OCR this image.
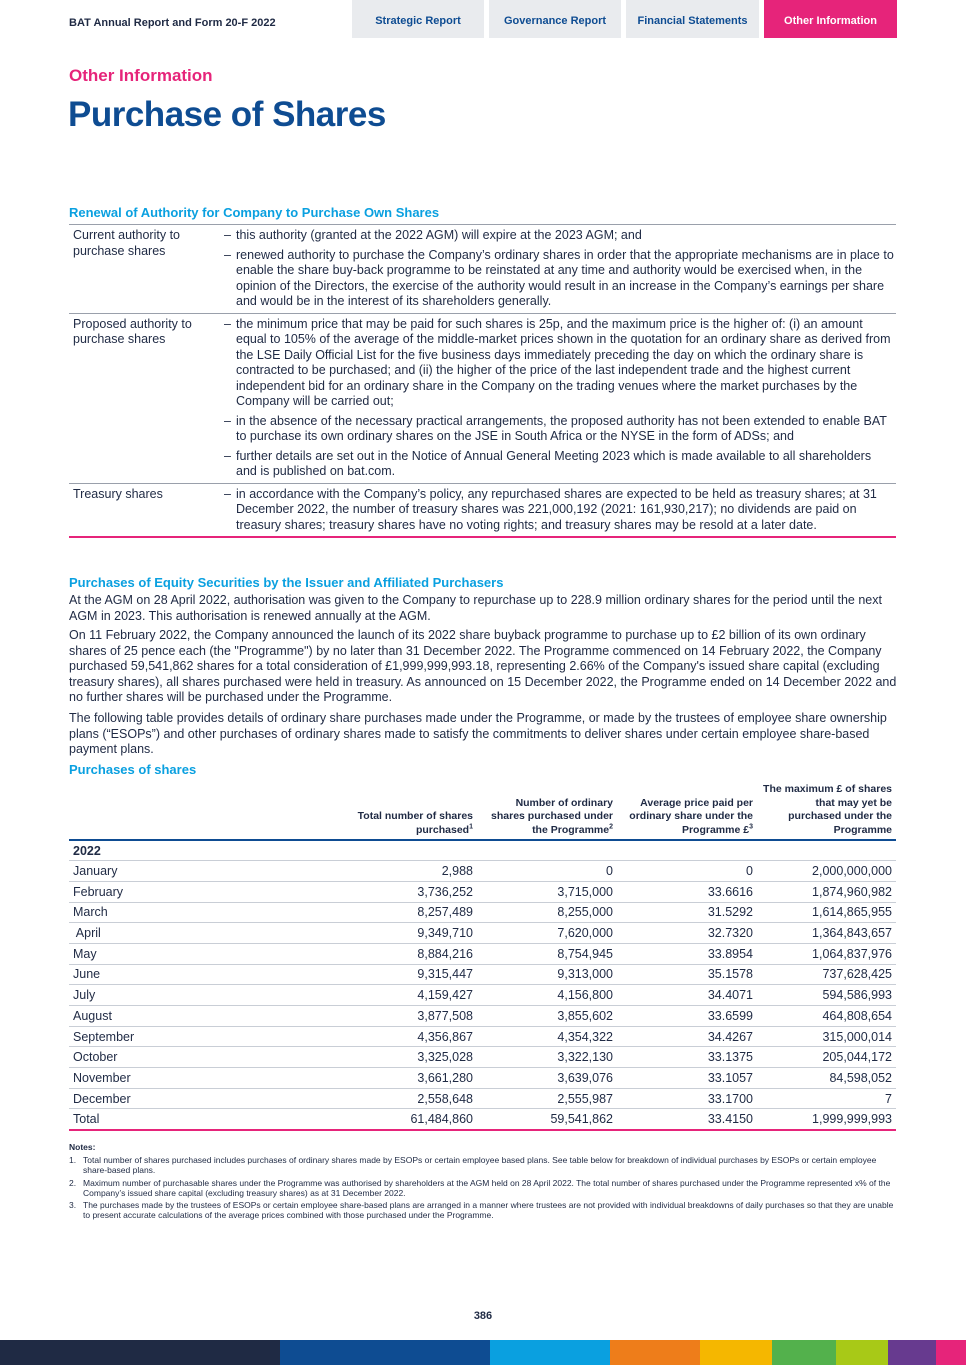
BAT Annual Report and Form 20-F 2022	Strategic Report	Governance Report	Financial Statements	Other Information
Other Information
Purchase of Shares
Renewal of Authority for Company to Purchase Own Shares
Current authority to purchase shares
– this authority (granted at the 2022 AGM) will expire at the 2023 AGM; and
– renewed authority to purchase the Company’s ordinary shares in order that the appropriate mechanisms are in place to enable the share buy-back programme to be reinstated at any time and authority would be exercised when, in the opinion of the Directors, the exercise of the authority would result in an increase in the Company’s earnings per share and would be in the interest of its shareholders generally.
Proposed authority to purchase shares
– the minimum price that may be paid for such shares is 25p, and the maximum price is the higher of: (i) an amount equal to 105% of the average of the middle-market prices shown in the quotation for an ordinary share as derived from the LSE Daily Official List for the five business days immediately preceding the day on which the ordinary share is contracted to be purchased; and (ii) the higher of the price of the last independent trade and the highest current independent bid for an ordinary share in the Company on the trading venues where the market purchases by the Company will be carried out;
– in the absence of the necessary practical arrangements, the proposed authority has not been extended to enable BAT to purchase its own ordinary shares on the JSE in South Africa or the NYSE in the form of ADSs; and
– further details are set out in the Notice of Annual General Meeting 2023 which is made available to all shareholders and is published on bat.com.
Treasury shares	– in accordance with the Company’s policy, any repurchased shares are expected to be held as treasury shares; at 31 December 2022, the number of treasury shares was 221,000,192 (2021: 161,930,217); no dividends are paid on treasury shares; treasury shares have no voting rights; and treasury shares may be resold at a later date.
Purchases of Equity Securities by the Issuer and Affiliated Purchasers
At the AGM on 28 April 2022, authorisation was given to the Company to repurchase up to 228.9 million ordinary shares for the period until the next AGM in 2023. This authorisation is renewed annually at the AGM.
On 11 February 2022, the Company announced the launch of its 2022 share buyback programme to purchase up to £2 billion of its own ordinary shares of 25 pence each (the "Programme") by no later than 31 December 2022. The Programme commenced on 14 February 2022, the Company purchased 59,541,862 shares for a total consideration of £1,999,999,993.18, representing 2.66% of the Company's issued share capital (excluding treasury shares), all shares purchased were held in treasury. As announced on 15 December 2022, the Programme ended on 14 December 2022 and no further shares will be purchased under the Programme.
The following table provides details of ordinary share purchases made under the Programme, or made by the trustees of employee share ownership plans (“ESOPs”) and other purchases of ordinary shares made to satisfy the commitments to deliver shares under certain employee share-based payment plans.
Purchases of shares
	Total number of shares purchased$^1$	Number of ordinary shares purchased under the Programme$^2$	Average price paid per ordinary share under the Programme £$^3$	The maximum £ of shares that may yet be purchased under the Programme
2022				
January	2,988	0	0	2,000,000,000
February	3,736,252	3,715,000	33.6616	1,874,960,982
March	8,257,489	8,255,000	31.5292	1,614,865,955
April	9,349,710	7,620,000	32.7320	1,364,843,657
May	8,884,216	8,754,945	33.8954	1,064,837,976
June	9,315,447	9,313,000	35.1578	737,628,425
July	4,159,427	4,156,800	34.4071	594,586,993
August	3,877,508	3,855,602	33.6599	464,808,654
September	4,356,867	4,354,322	34.4267	315,000,014
October	3,325,028	3,322,130	33.1375	205,044,172
November	3,661,280	3,639,076	33.1057	84,598,052
December	2,558,648	2,555,987	33.1700	7
Total	61,484,860	59,541,862	33.4150	1,999,999,993
Notes:
1. Total number of shares purchased includes purchases of ordinary shares made by ESOPs or certain employee based plans. See table below for breakdown of individual purchases by ESOPs or certain employee share-based plans.
2. Maximum number of purchasable shares under the Programme was authorised by shareholders at the AGM held on 28 April 2022. The total number of shares purchased under the Programme represented x% of the Company’s issued share capital (excluding treasury shares) as at 31 December 2022.
3. The purchases made by the trustees of ESOPs or certain employee share-based plans are arranged in a manner where trustees are not provided with individual breakdowns of daily purchases so that they are unable to present accurate calculations of the average prices combined with those purchased under the Programme.
386
